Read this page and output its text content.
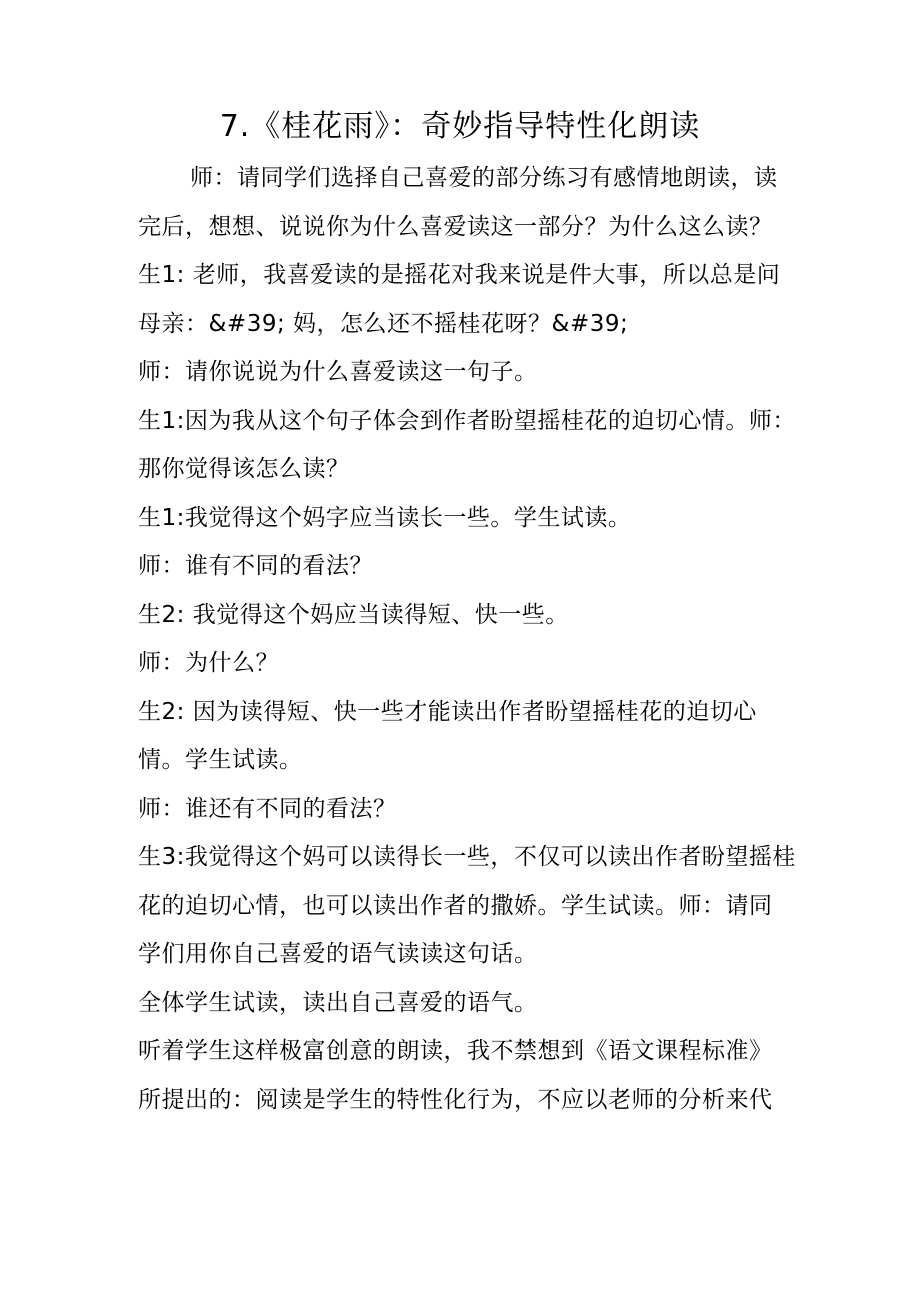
7.《桂花雨》：奇妙指导特性化朗读
师：请同学们选择自己喜爱的部分练习有感情地朗读，读
完后，想想、说说你为什么喜爱读这一部分？为什么这么读？
生1: 老师，我喜爱读的是摇花对我来说是件大事，所以总是问
母亲：&#39; 妈，怎么还不摇桂花呀？&#39;
师：请你说说为什么喜爱读这一句子。
生1:因为我从这个句子体会到作者盼望摇桂花的迫切心情。师：
那你觉得该怎么读？
生1:我觉得这个妈字应当读长一些。学生试读。
师：谁有不同的看法？
生2: 我觉得这个妈应当读得短、快一些。
师：为什么？
生2: 因为读得短、快一些才能读出作者盼望摇桂花的迫切心
情。学生试读。
师：谁还有不同的看法？
生3:我觉得这个妈可以读得长一些，不仅可以读出作者盼望摇桂
花的迫切心情，也可以读出作者的撒娇。学生试读。师：请同
学们用你自己喜爱的语气读读这句话。
全体学生试读，读出自己喜爱的语气。
听着学生这样极富创意的朗读，我不禁想到《语文课程标准》
所提出的：阅读是学生的特性化行为，不应以老师的分析来代
